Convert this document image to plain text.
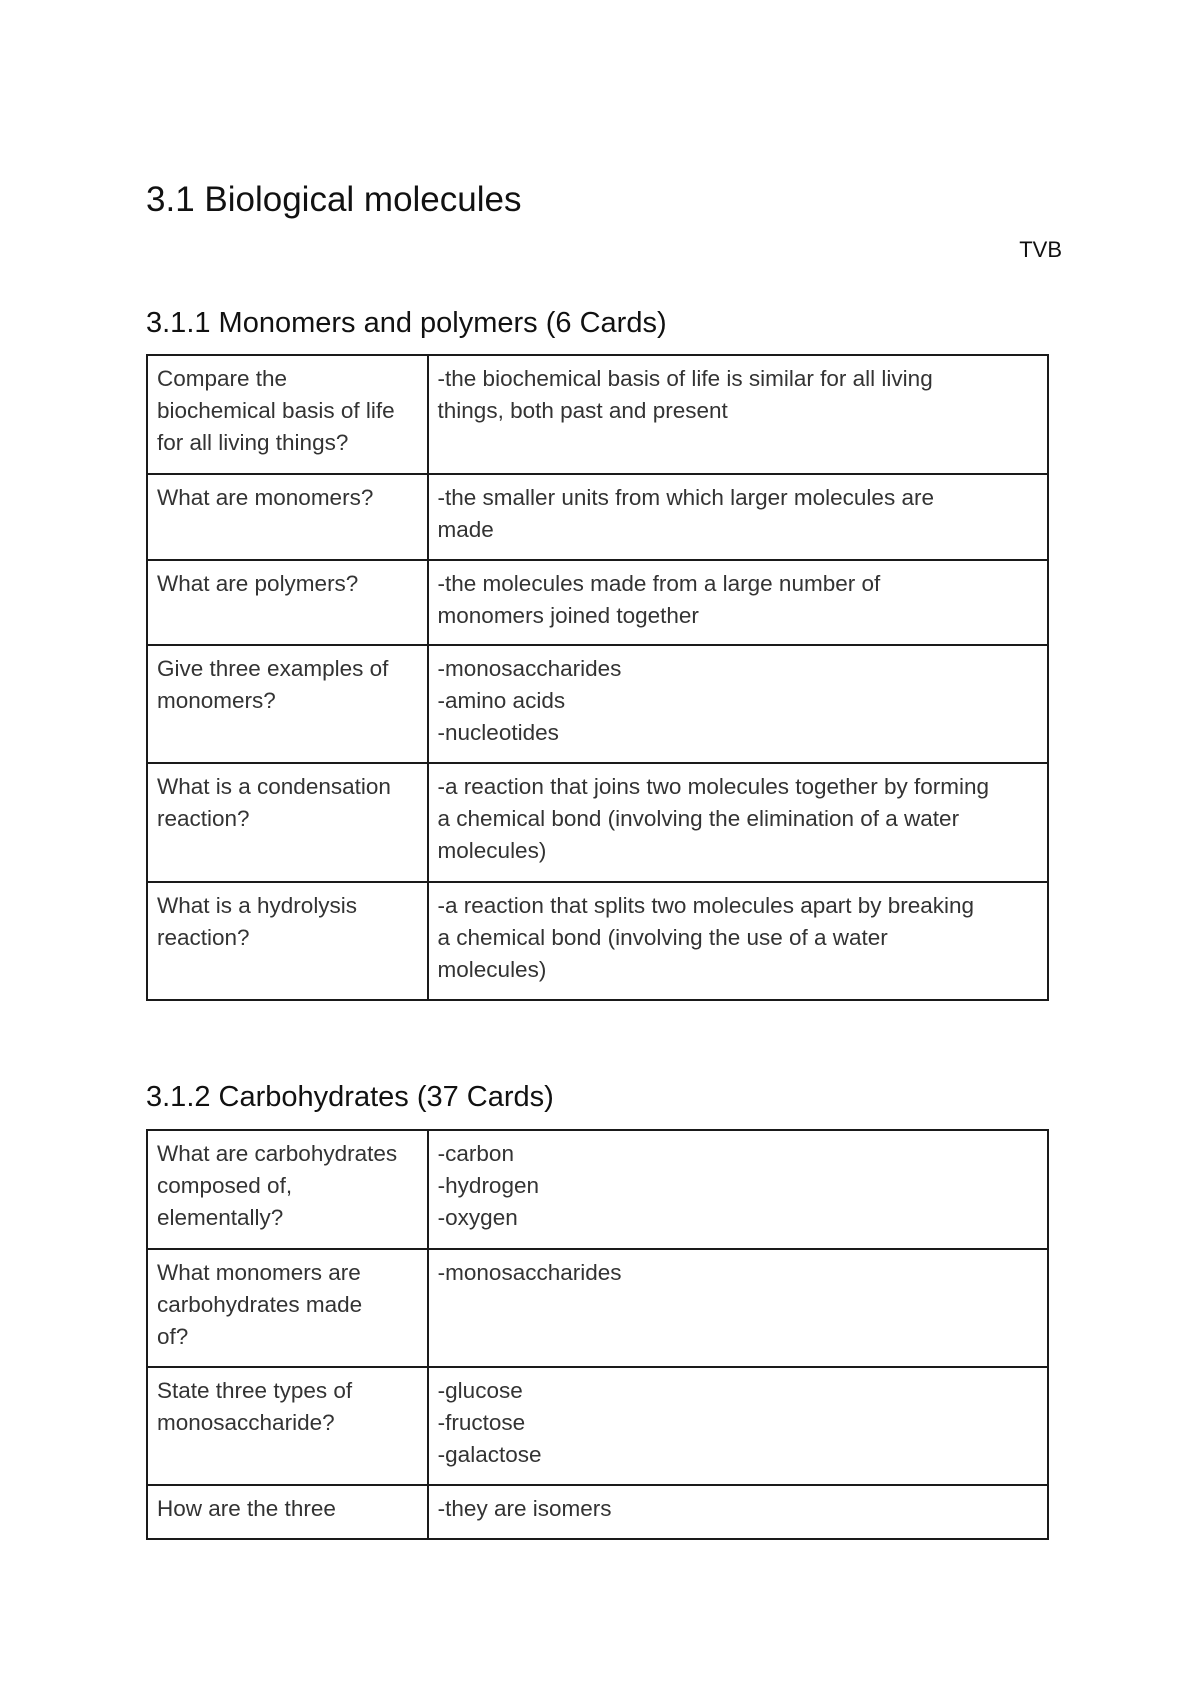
3.1 Biological molecules
TVB
3.1.1 Monomers and polymers (6 Cards)
Compare the
biochemical basis of life
for all living things?	-the biochemical basis of life is similar for all living
things, both past and present
What are monomers?	-the smaller units from which larger molecules are
made
What are polymers?	-the molecules made from a large number of
monomers joined together
Give three examples of
monomers?	-monosaccharides
-amino acids
-nucleotides
What is a condensation
reaction?	-a reaction that joins two molecules together by forming
a chemical bond (involving the elimination of a water
molecules)
What is a hydrolysis
reaction?	-a reaction that splits two molecules apart by breaking
a chemical bond (involving the use of a water
molecules)
3.1.2 Carbohydrates (37 Cards)
What are carbohydrates
composed of,
elementally?	-carbon
-hydrogen
-oxygen
What monomers are
carbohydrates made
of?	-monosaccharides
State three types of
monosaccharide?	-glucose
-fructose
-galactose
How are the three	-they are isomers
